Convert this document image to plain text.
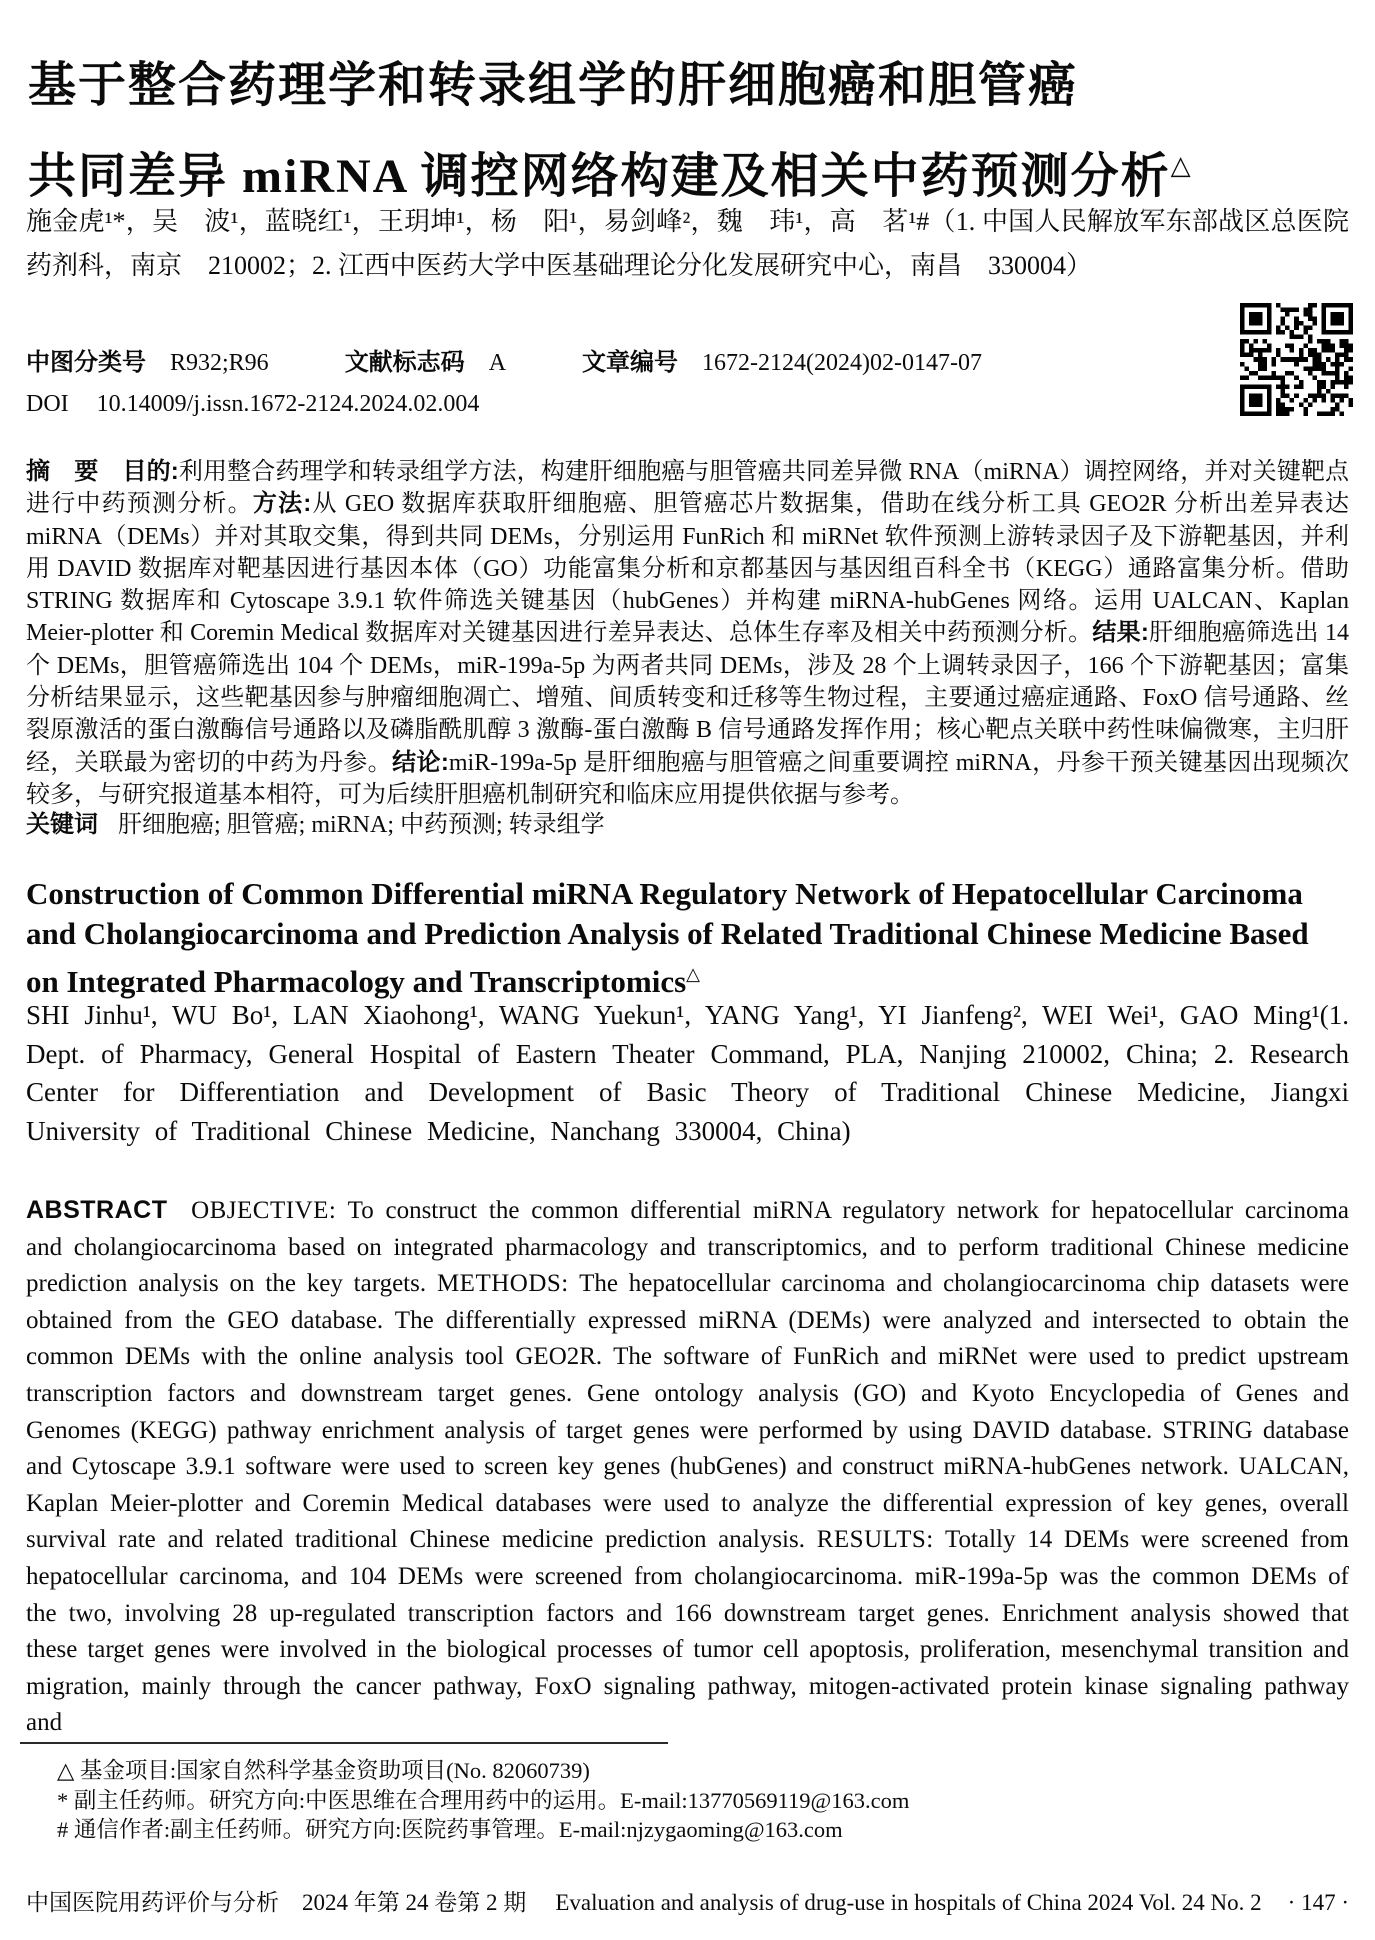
基于整合药理学和转录组学的肝细胞癌和胆管癌
共同差异 miRNA 调控网络构建及相关中药预测分析△
施金虎¹*，吴　波¹，蓝晓红¹，王玥坤¹，杨　阳¹，易剑峰²，魏　玮¹，高　茗¹#（1. 中国人民解放军东部战区总医院药剂科，南京　210002；2. 江西中医药大学中医基础理论分化发展研究中心，南昌　330004）
中图分类号 R932;R96	文献标志码 A	文章编号 1672-2124(2024)02-0147-07
DOI 10.14009/j.issn.1672-2124.2024.02.004

摘　要　目的:利用整合药理学和转录组学方法，构建肝细胞癌与胆管癌共同差异微 RNA（miRNA）调控网络，并对关键靶点进行中药预测分析。方法:从 GEO 数据库获取肝细胞癌、胆管癌芯片数据集，借助在线分析工具 GEO2R 分析出差异表达 miRNA（DEMs）并对其取交集，得到共同 DEMs，分别运用 FunRich 和 miRNet 软件预测上游转录因子及下游靶基因，并利用 DAVID 数据库对靶基因进行基因本体（GO）功能富集分析和京都基因与基因组百科全书（KEGG）通路富集分析。借助 STRING 数据库和 Cytoscape 3.9.1 软件筛选关键基因（hubGenes）并构建 miRNA-hubGenes 网络。运用 UALCAN、Kaplan Meier-plotter 和 Coremin Medical 数据库对关键基因进行差异表达、总体生存率及相关中药预测分析。结果:肝细胞癌筛选出 14 个 DEMs，胆管癌筛选出 104 个 DEMs，miR-199a-5p 为两者共同 DEMs，涉及 28 个上调转录因子，166 个下游靶基因；富集分析结果显示，这些靶基因参与肿瘤细胞凋亡、增殖、间质转变和迁移等生物过程，主要通过癌症通路、FoxO 信号通路、丝裂原激活的蛋白激酶信号通路以及磷脂酰肌醇 3 激酶-蛋白激酶 B 信号通路发挥作用；核心靶点关联中药性味偏微寒，主归肝经，关联最为密切的中药为丹参。结论:miR-199a-5p 是肝细胞癌与胆管癌之间重要调控 miRNA，丹参干预关键基因出现频次较多，与研究报道基本相符，可为后续肝胆癌机制研究和临床应用提供依据与参考。

关键词 肝细胞癌; 胆管癌; miRNA; 中药预测; 转录组学

Construction of Common Differential miRNA Regulatory Network of Hepatocellular Carcinoma and Cholangiocarcinoma and Prediction Analysis of Related Traditional Chinese Medicine Based on Integrated Pharmacology and Transcriptomics△

SHI Jinhu¹, WU Bo¹, LAN Xiaohong¹, WANG Yuekun¹, YANG Yang¹, YI Jianfeng², WEI Wei¹, GAO Ming¹(1. Dept. of Pharmacy, General Hospital of Eastern Theater Command, PLA, Nanjing 210002, China; 2. Research Center for Differentiation and Development of Basic Theory of Traditional Chinese Medicine, Jiangxi University of Traditional Chinese Medicine, Nanchang 330004, China)

ABSTRACT OBJECTIVE: To construct the common differential miRNA regulatory network for hepatocellular carcinoma and cholangiocarcinoma based on integrated pharmacology and transcriptomics, and to perform traditional Chinese medicine prediction analysis on the key targets. METHODS: The hepatocellular carcinoma and cholangiocarcinoma chip datasets were obtained from the GEO database. The differentially expressed miRNA (DEMs) were analyzed and intersected to obtain the common DEMs with the online analysis tool GEO2R. The software of FunRich and miRNet were used to predict upstream transcription factors and downstream target genes. Gene ontology analysis (GO) and Kyoto Encyclopedia of Genes and Genomes (KEGG) pathway enrichment analysis of target genes were performed by using DAVID database. STRING database and Cytoscape 3.9.1 software were used to screen key genes (hubGenes) and construct miRNA-hubGenes network. UALCAN, Kaplan Meier-plotter and Coremin Medical databases were used to analyze the differential expression of key genes, overall survival rate and related traditional Chinese medicine prediction analysis. RESULTS: Totally 14 DEMs were screened from hepatocellular carcinoma, and 104 DEMs were screened from cholangiocarcinoma. miR-199a-5p was the common DEMs of the two, involving 28 up-regulated transcription factors and 166 downstream target genes. Enrichment analysis showed that these target genes were involved in the biological processes of tumor cell apoptosis, proliferation, mesenchymal transition and migration, mainly through the cancer pathway, FoxO signaling pathway, mitogen-activated protein kinase signaling pathway and

△ 基金项目:国家自然科学基金资助项目(No. 82060739)
* 副主任药师。研究方向:中医思维在合理用药中的运用。E-mail:13770569119@163.com
# 通信作者:副主任药师。研究方向:医院药事管理。E-mail:njzygaoming@163.com
中国医院用药评价与分析　2024 年第 24 卷第 2 期 Evaluation and analysis of drug-use in hospitals of China 2024 Vol. 24 No. 2 · 147 ·
